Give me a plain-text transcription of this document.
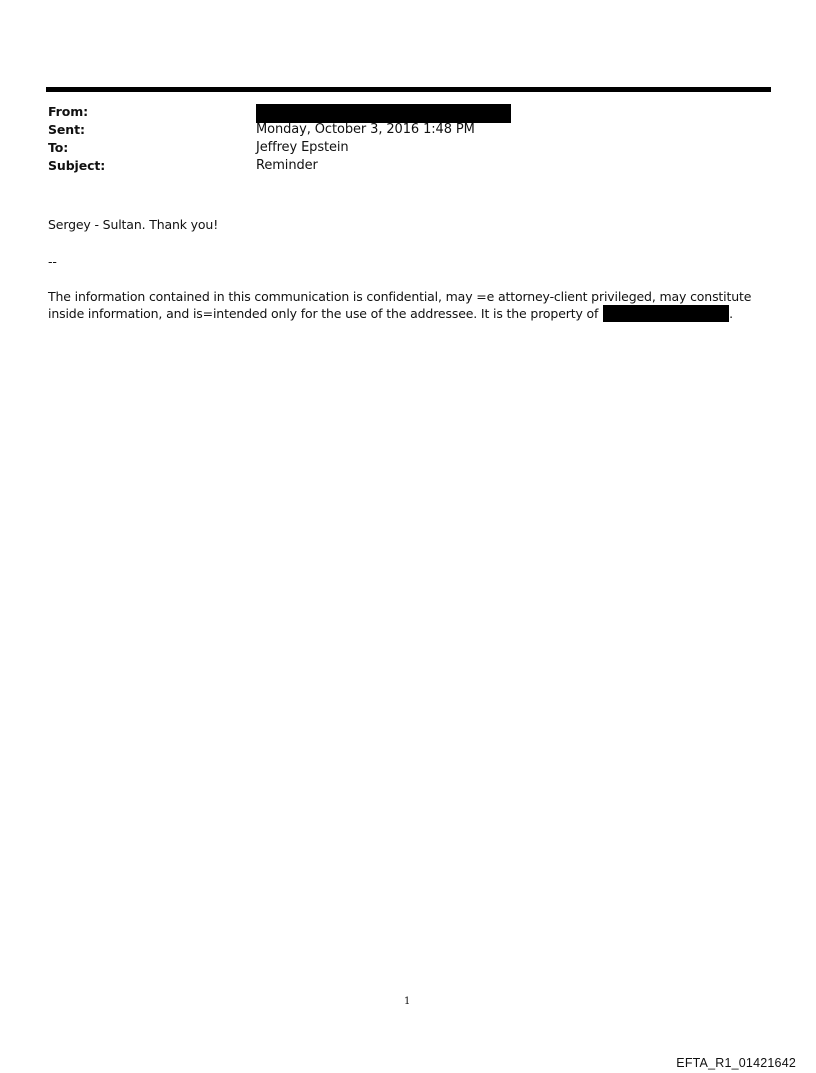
From:
Sent:	Monday, October 3, 2016 1:48 PM
To:	Jeffrey Epstein
Subject:	Reminder
Sergey - Sultan. Thank you!
--
The information contained in this communication is confidential, may =e attorney-client privileged, may constitute
inside information, and is=intended only for the use of the addressee. It is the property of	.
1
EFTA_R1_01421642
